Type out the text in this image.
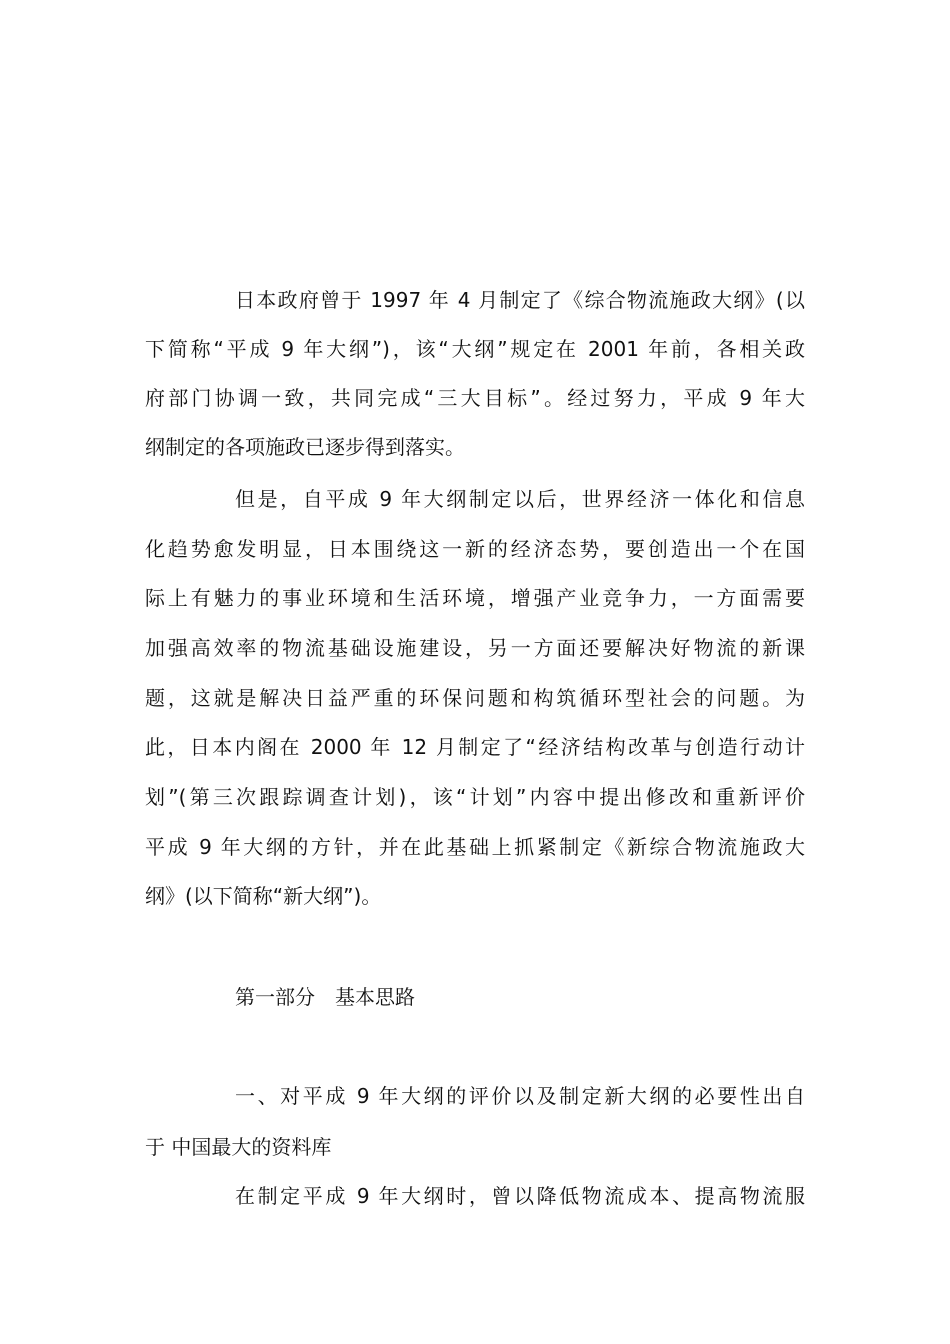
日本政府曾于 1997 年 4 月制定了《综合物流施政大纲》(以
下简称“平成 9 年大纲”)，该“大纲”规定在 2001 年前，各相关政
府部门协调一致，共同完成“三大目标”。经过努力，平成 9 年大
纲制定的各项施政已逐步得到落实。
但是，自平成 9 年大纲制定以后，世界经济一体化和信息
化趋势愈发明显，日本围绕这一新的经济态势，要创造出一个在国
际上有魅力的事业环境和生活环境，增强产业竞争力，一方面需要
加强高效率的物流基础设施建设，另一方面还要解决好物流的新课
题，这就是解决日益严重的环保问题和构筑循环型社会的问题。为
此，日本内阁在 2000 年 12 月制定了“经济结构改革与创造行动计
划”(第三次跟踪调查计划)，该“计划”内容中提出修改和重新评价
平成 9 年大纲的方针，并在此基础上抓紧制定《新综合物流施政大
纲》(以下简称“新大纲”)。
第一部分　基本思路
一、对平成 9 年大纲的评价以及制定新大纲的必要性出自
于 中国最大的资料库
在制定平成 9 年大纲时，曾以降低物流成本、提高物流服
